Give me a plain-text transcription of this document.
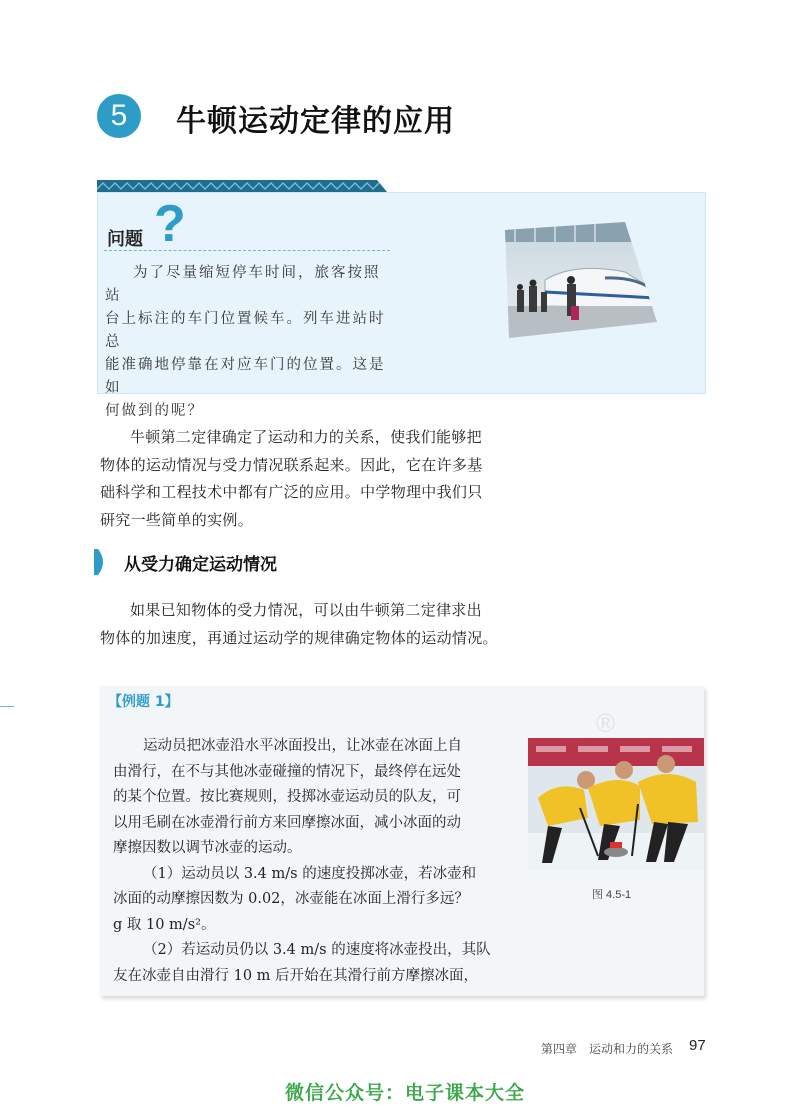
5	牛顿运动定律的应用
?
问题
为了尽量缩短停车时间，旅客按照站
台上标注的车门位置候车。列车进站时总
能准确地停靠在对应车门的位置。这是如
何做到的呢？
牛顿第二定律确定了运动和力的关系，使我们能够把
物体的运动情况与受力情况联系起来。因此，它在许多基
础科学和工程技术中都有广泛的应用。中学物理中我们只
研究一些简单的实例。
从受力确定运动情况
如果已知物体的受力情况，可以由牛顿第二定律求出
物体的加速度，再通过运动学的规律确定物体的运动情况。
【例题 1】
®
运动员把冰壶沿水平冰面投出，让冰壶在冰面上自
由滑行，在不与其他冰壶碰撞的情况下，最终停在远处
的某个位置。按比赛规则，投掷冰壶运动员的队友，可
以用毛刷在冰壶滑行前方来回摩擦冰面，减小冰面的动
摩擦因数以调节冰壶的运动。
（1）运动员以 3.4 m/s 的速度投掷冰壶，若冰壶和
冰面的动摩擦因数为 0.02，冰壶能在冰面上滑行多远？
g 取 10 m/s²。
（2）若运动员仍以 3.4 m/s 的速度将冰壶投出，其队
友在冰壶自由滑行 10 m 后开始在其滑行前方摩擦冰面，
图 4.5-1
第四章　运动和力的关系 97
微信公众号：电子课本大全
